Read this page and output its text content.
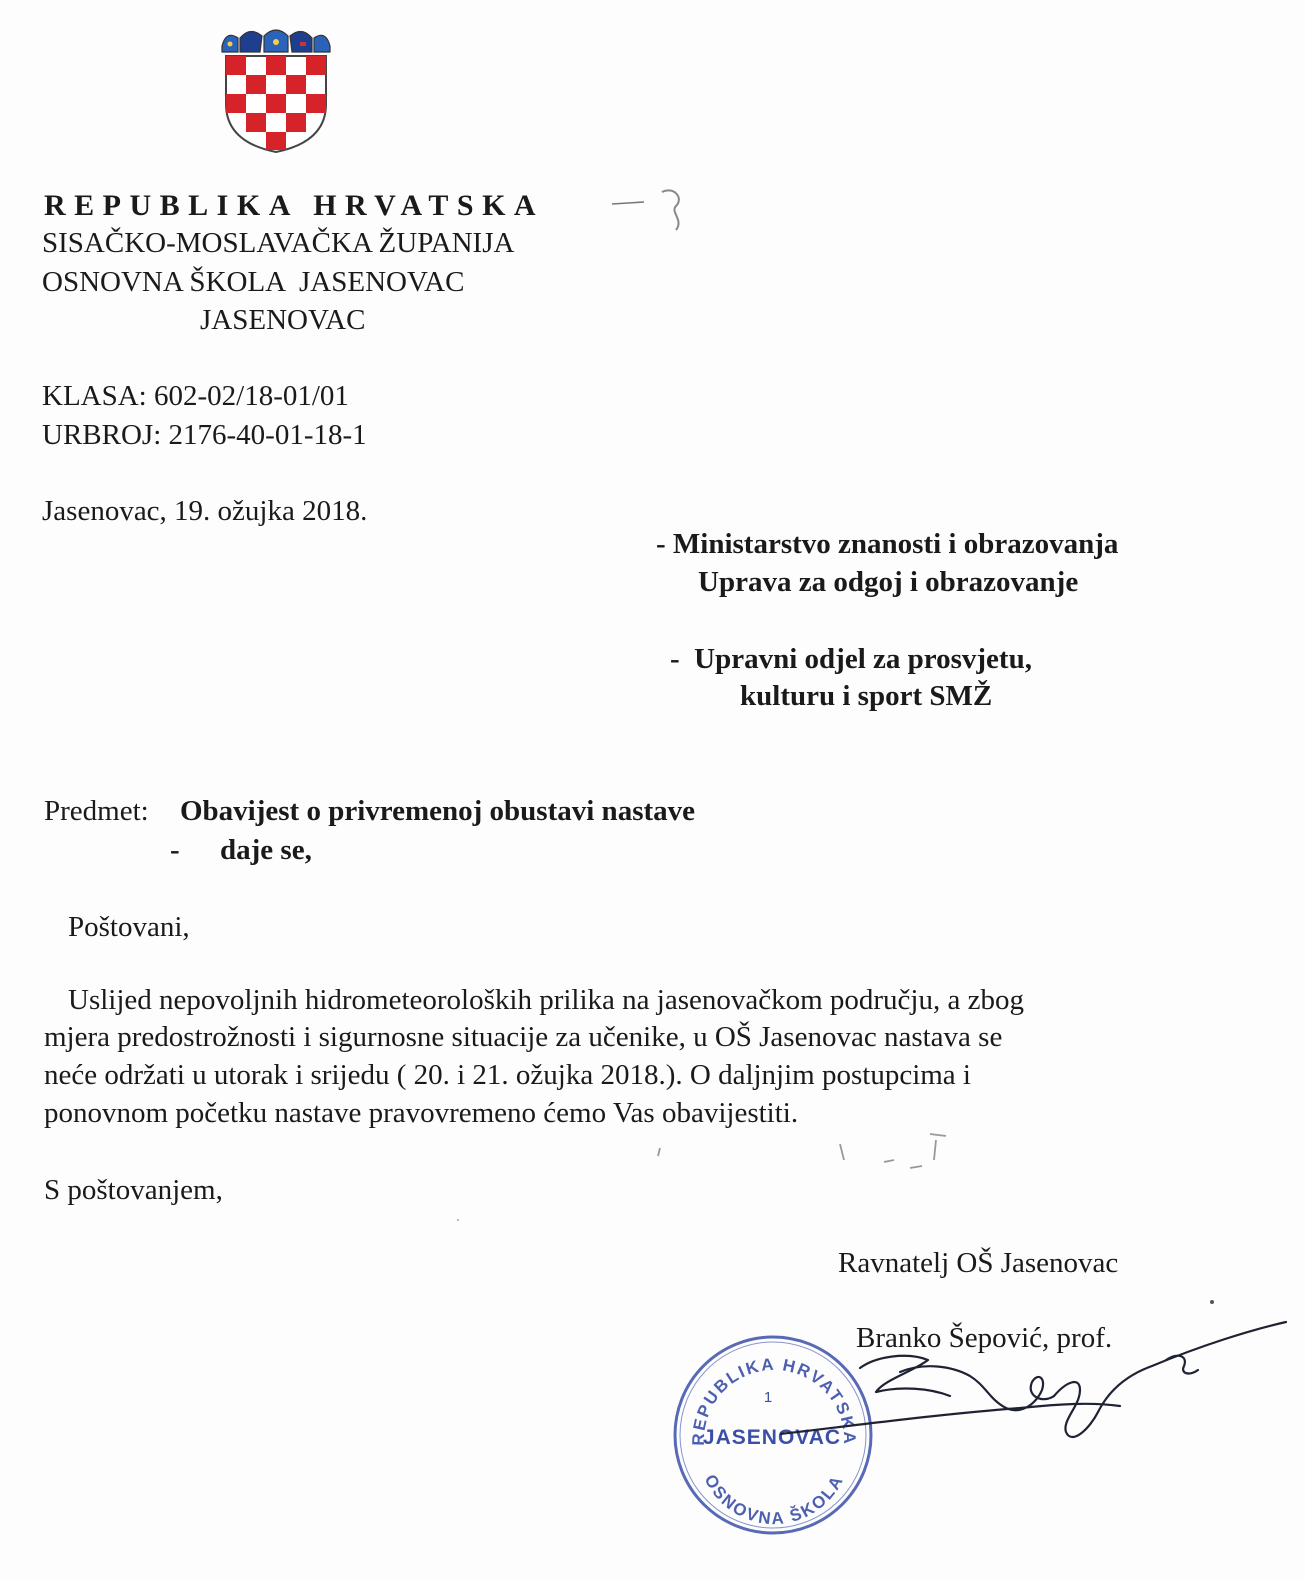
REPUBLIKA HRVATSKA

SISAČKO-MOSLAVAČKA ŽUPANIJA

OSNOVNA ŠKOLA  JASENOVAC

JASENOVAC

KLASA: 602-02/18-01/01

URBROJ: 2176-40-01-18-1

Jasenovac, 19. ožujka 2018.

- Ministarstvo znanosti i obrazovanja

Uprava za odgoj i obrazovanje

-  Upravni odjel za prosvjetu,

kulturu i sport SMŽ

Predmet: Obavijest o privremenoj obustavi nastave

- daje se,

Poštovani,

Uslijed nepovoljnih hidrometeoroloških prilika na jasenovačkom području, a zbog

mjera predostrožnosti i sigurnosne situacije za učenike, u OŠ Jasenovac nastava se

neće održati u utorak i srijedu ( 20. i 21. ožujka 2018.). O daljnjim postupcima i

ponovnom početku nastave pravovremeno ćemo Vas obavijestiti.

S poštovanjem,

Ravnatelj OŠ Jasenovac

Branko Šepović, prof.

REPUBLIKA HRVATSKA
OSNOVNA ŠKOLA
1
JASENOVAC
